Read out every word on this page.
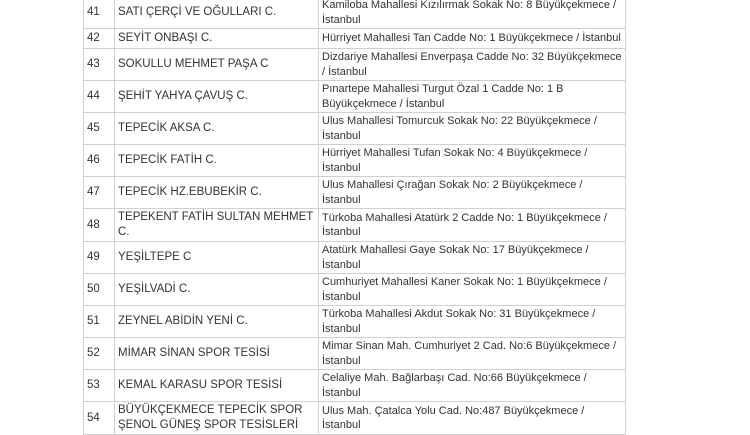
41	SATI ÇERÇİ VE OĞULLARI C.	Kamiloba Mahallesi Kızılırmak Sokak No: 8 Büyükçekmece / İstanbul
42	SEYİT ONBAŞI C.	Hürriyet Mahallesi Tan Cadde No: 1 Büyükçekmece / İstanbul
43	SOKULLU MEHMET PAŞA C	Dizdariye Mahallesi Enverpaşa Cadde No: 32 Büyükçekmece / İstanbul
44	ŞEHİT YAHYA ÇAVUŞ C.	Pınartepe Mahallesi Turgut Özal 1 Cadde No: 1 B Büyükçekmece / İstanbul
45	TEPECİK AKSA C.	Ulus Mahallesi Tomurcuk Sokak No: 22 Büyükçekmece / İstanbul
46	TEPECİK FATİH C.	Hürriyet Mahallesi Tufan Sokak No: 4 Büyükçekmece / İstanbul
47	TEPECİK HZ.EBUBEKİR C.	Ulus Mahallesi Çırağan Sokak No: 2 Büyükçekmece / İstanbul
48	TEPEKENT FATİH SULTAN MEHMET C.	Türkoba Mahallesi Atatürk 2 Cadde No: 1 Büyükçekmece / İstanbul
49	YEŞİLTEPE C	Atatürk Mahallesi Gaye Sokak No: 17 Büyükçekmece / İstanbul
50	YEŞİLVADİ C.	Cumhuriyet Mahallesi Kaner Sokak No: 1 Büyükçekmece / İstanbul
51	ZEYNEL ABİDİN YENİ C.	Türkoba Mahallesi Akdut Sokak No: 31 Büyükçekmece / İstanbul
52	MİMAR SİNAN SPOR TESİSİ	Mimar Sinan Mah. Cumhuriyet 2 Cad. No:6 Büyükçekmece / İstanbul
53	KEMAL KARASU SPOR TESİSİ	Celaliye Mah. Bağlarbaşı Cad. No:66 Büyükçekmece / İstanbul
54	BÜYÜKÇEKMECE TEPECİK SPOR ŞENOL GÜNEŞ SPOR TESİSLERİ	Ulus Mah. Çatalca Yolu Cad. No:487 Büyükçekmece / İstanbul
